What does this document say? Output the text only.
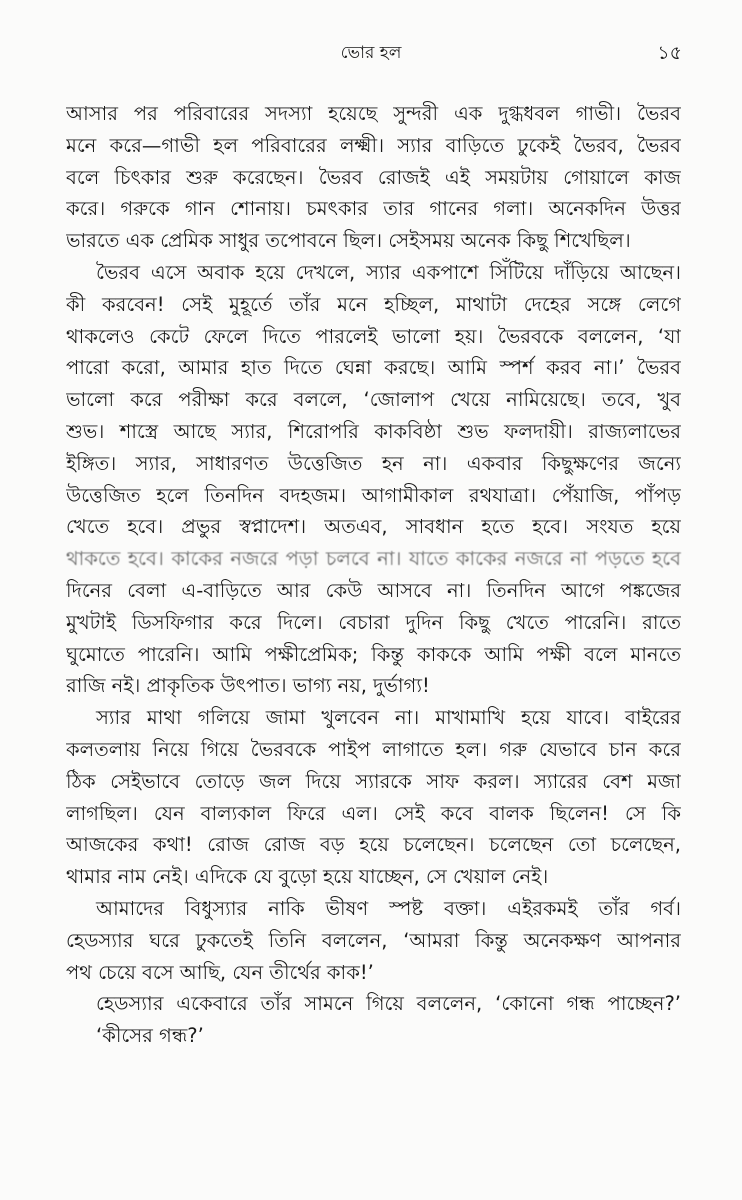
ভোর হল	১৫
আসার পর পরিবারের সদস্যা হয়েছে সুন্দরী এক দুগ্ধধবল গাভী। ভৈরব
মনে করে—গাভী হল পরিবারের লক্ষ্মী। স্যার বাড়িতে ঢুকেই ভৈরব, ভৈরব
বলে চিৎকার শুরু করেছেন। ভৈরব রোজই এই সময়টায় গোয়ালে কাজ
করে। গরুকে গান শোনায়। চমৎকার তার গানের গলা। অনেকদিন উত্তর
ভারতে এক প্রেমিক সাধুর তপোবনে ছিল। সেইসময় অনেক কিছু শিখেছিল।
ভৈরব এসে অবাক হয়ে দেখলে, স্যার একপাশে সিঁটিয়ে দাঁড়িয়ে আছেন।
কী করবেন! সেই মুহূর্তে তাঁর মনে হচ্ছিল, মাথাটা দেহের সঙ্গে লেগে
থাকলেও কেটে ফেলে দিতে পারলেই ভালো হয়। ভৈরবকে বললেন, ‘যা
পারো করো, আমার হাত দিতে ঘেন্না করছে। আমি স্পর্শ করব না।’ ভৈরব
ভালো করে পরীক্ষা করে বললে, ‘জোলাপ খেয়ে নামিয়েছে। তবে, খুব
শুভ। শাস্ত্রে আছে স্যার, শিরোপরি কাকবিষ্ঠা শুভ ফলদায়ী। রাজ্যলাভের
ইঙ্গিত। স্যার, সাধারণত উত্তেজিত হন না। একবার কিছুক্ষণের জন্যে
উত্তেজিত হলে তিনদিন বদহজম। আগামীকাল রথযাত্রা। পেঁয়াজি, পাঁপড়
খেতে হবে। প্রভুর স্বপ্নাদেশ। অতএব, সাবধান হতে হবে। সংযত হয়ে
থাকতে হবে। কাকের নজরে পড়া চলবে না। যাতে কাকের নজরে না পড়তে হবে
দিনের বেলা এ-বাড়িতে আর কেউ আসবে না। তিনদিন আগে পঙ্কজের
মুখটাই ডিসফিগার করে দিলে। বেচারা দুদিন কিছু খেতে পারেনি। রাতে
ঘুমোতে পারেনি। আমি পক্ষীপ্রেমিক; কিন্তু কাককে আমি পক্ষী বলে মানতে
রাজি নই। প্রাকৃতিক উৎপাত। ভাগ্য নয়, দুর্ভাগ্য!
স্যার মাথা গলিয়ে জামা খুলবেন না। মাখামাখি হয়ে যাবে। বাইরের
কলতলায় নিয়ে গিয়ে ভৈরবকে পাইপ লাগাতে হল। গরু যেভাবে চান করে
ঠিক সেইভাবে তোড়ে জল দিয়ে স্যারকে সাফ করল। স্যারের বেশ মজা
লাগছিল। যেন বাল্যকাল ফিরে এল। সেই কবে বালক ছিলেন! সে কি
আজকের কথা! রোজ রোজ বড় হয়ে চলেছেন। চলেছেন তো চলেছেন,
থামার নাম নেই। এদিকে যে বুড়ো হয়ে যাচ্ছেন, সে খেয়াল নেই।
আমাদের বিধুস্যার নাকি ভীষণ স্পষ্ট বক্তা। এইরকমই তাঁর গর্ব।
হেডস্যার ঘরে ঢুকতেই তিনি বললেন, ‘আমরা কিন্তু অনেকক্ষণ আপনার
পথ চেয়ে বসে আছি, যেন তীর্থের কাক!’
হেডস্যার একেবারে তাঁর সামনে গিয়ে বললেন, ‘কোনো গন্ধ পাচ্ছেন?’
‘কীসের গন্ধ?’
